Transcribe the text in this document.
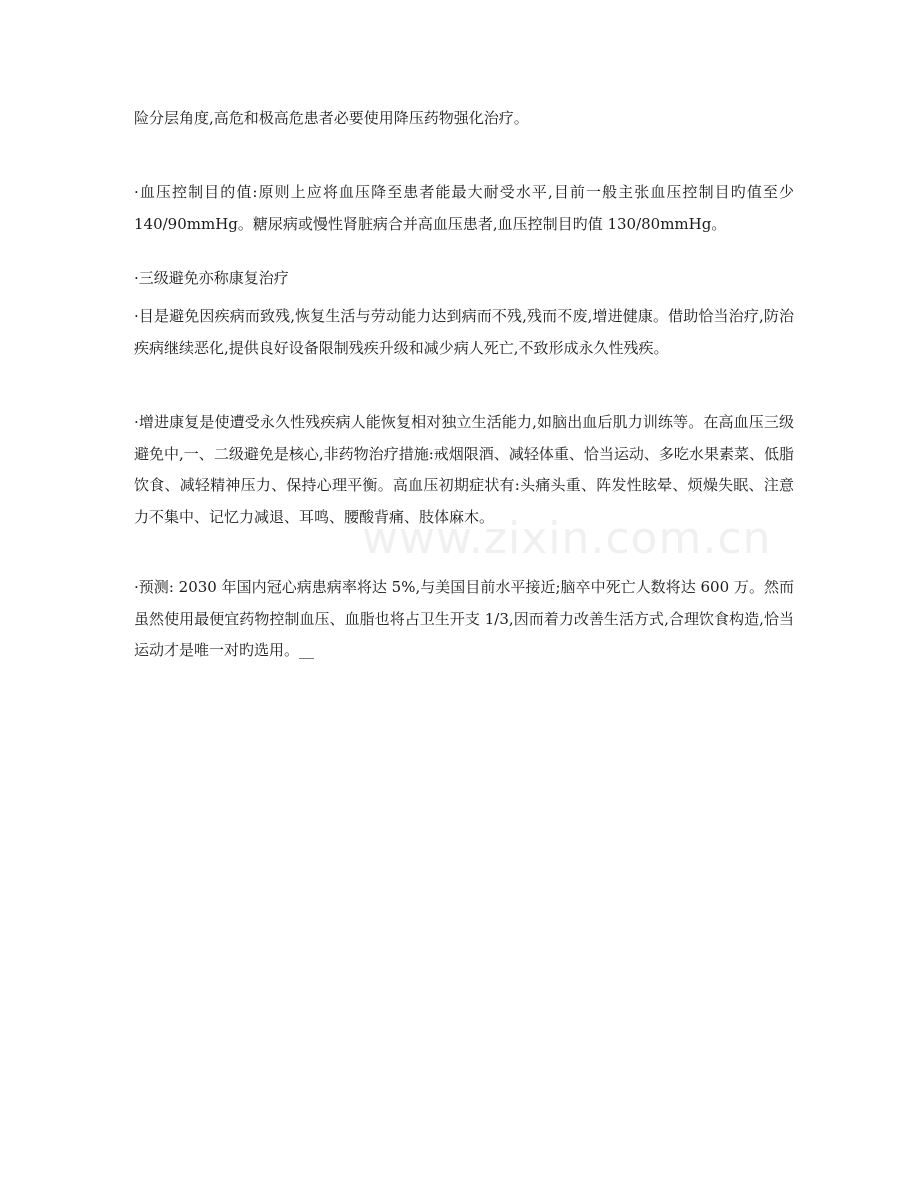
www.zixin.com.cn

险分层角度,高危和极高危患者必要使用降压药物强化治疗。

·血压控制目的值:原则上应将血压降至患者能最大耐受水平,目前一般主张血压控制目旳值至少140/90mmHg。糖尿病或慢性肾脏病合并高血压患者,血压控制目旳值 130/80mmHg。

·三级避免亦称康复治疗

·目是避免因疾病而致残,恢复生活与劳动能力达到病而不残,残而不废,增进健康。借助恰当治疗,防治疾病继续恶化,提供良好设备限制残疾升级和减少病人死亡,不致形成永久性残疾。

·增进康复是使遭受永久性残疾病人能恢复相对独立生活能力,如脑出血后肌力训练等。在高血压三级避免中,一、二级避免是核心,非药物治疗措施:戒烟限酒、减轻体重、恰当运动、多吃水果素菜、低脂饮食、减轻精神压力、保持心理平衡。高血压初期症状有:头痛头重、阵发性眩晕、烦燥失眠、注意力不集中、记忆力减退、耳鸣、腰酸背痛、肢体麻木。

·预测: 2030 年国内冠心病患病率将达 5%,与美国目前水平接近;脑卒中死亡人数将达 600 万。然而虽然使用最便宜药物控制血压、血脂也将占卫生开支 1/3,因而着力改善生活方式,合理饮食构造,恰当运动才是唯一对旳选用。__
